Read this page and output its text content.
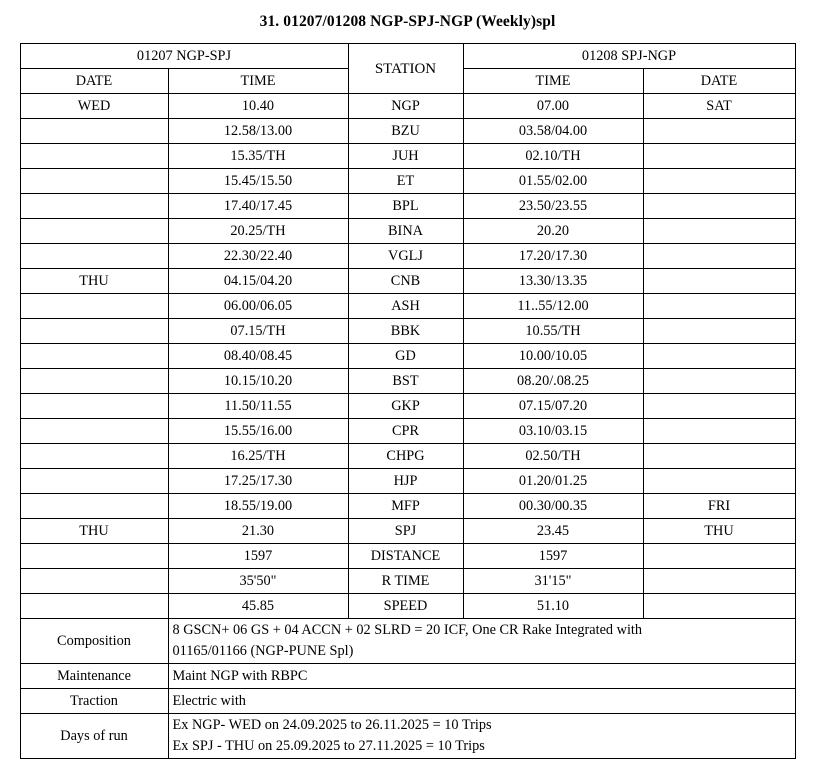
31. 01207/01208 NGP-SPJ-NGP (Weekly)spl
01207 NGP-SPJ		STATION	01208 SPJ-NGP	
DATE	TIME		TIME	DATE
WED	10.40	NGP	07.00	SAT
	12.58/13.00	BZU	03.58/04.00	
	15.35/TH	JUH	02.10/TH	
	15.45/15.50	ET	01.55/02.00	
	17.40/17.45	BPL	23.50/23.55	
	20.25/TH	BINA	20.20	
	22.30/22.40	VGLJ	17.20/17.30	
THU	04.15/04.20	CNB	13.30/13.35	
	06.00/06.05	ASH	11..55/12.00	
	07.15/TH	BBK	10.55/TH	
	08.40/08.45	GD	10.00/10.05	
	10.15/10.20	BST	08.20/.08.25	
	11.50/11.55	GKP	07.15/07.20	
	15.55/16.00	CPR	03.10/03.15	
	16.25/TH	CHPG	02.50/TH	
	17.25/17.30	HJP	01.20/01.25	
	18.55/19.00	MFP	00.30/00.35	FRI
THU	21.30	SPJ	23.45	THU
	1597	DISTANCE	1597	
	35'50"	R TIME	31'15"	
	45.85	SPEED	51.10	
Composition	8 GSCN+ 06 GS + 04 ACCN + 02 SLRD = 20 ICF, One CR Rake Integrated with
01165/01166 (NGP-PUNE Spl)			

Maintenance	Maint NGP with RBPC			

Traction	Electric with			

Days of run	Ex NGP- WED on 24.09.2025 to 26.11.2025 = 10 Trips
Ex SPJ - THU on 25.09.2025 to 27.11.2025 = 10 Trips			
